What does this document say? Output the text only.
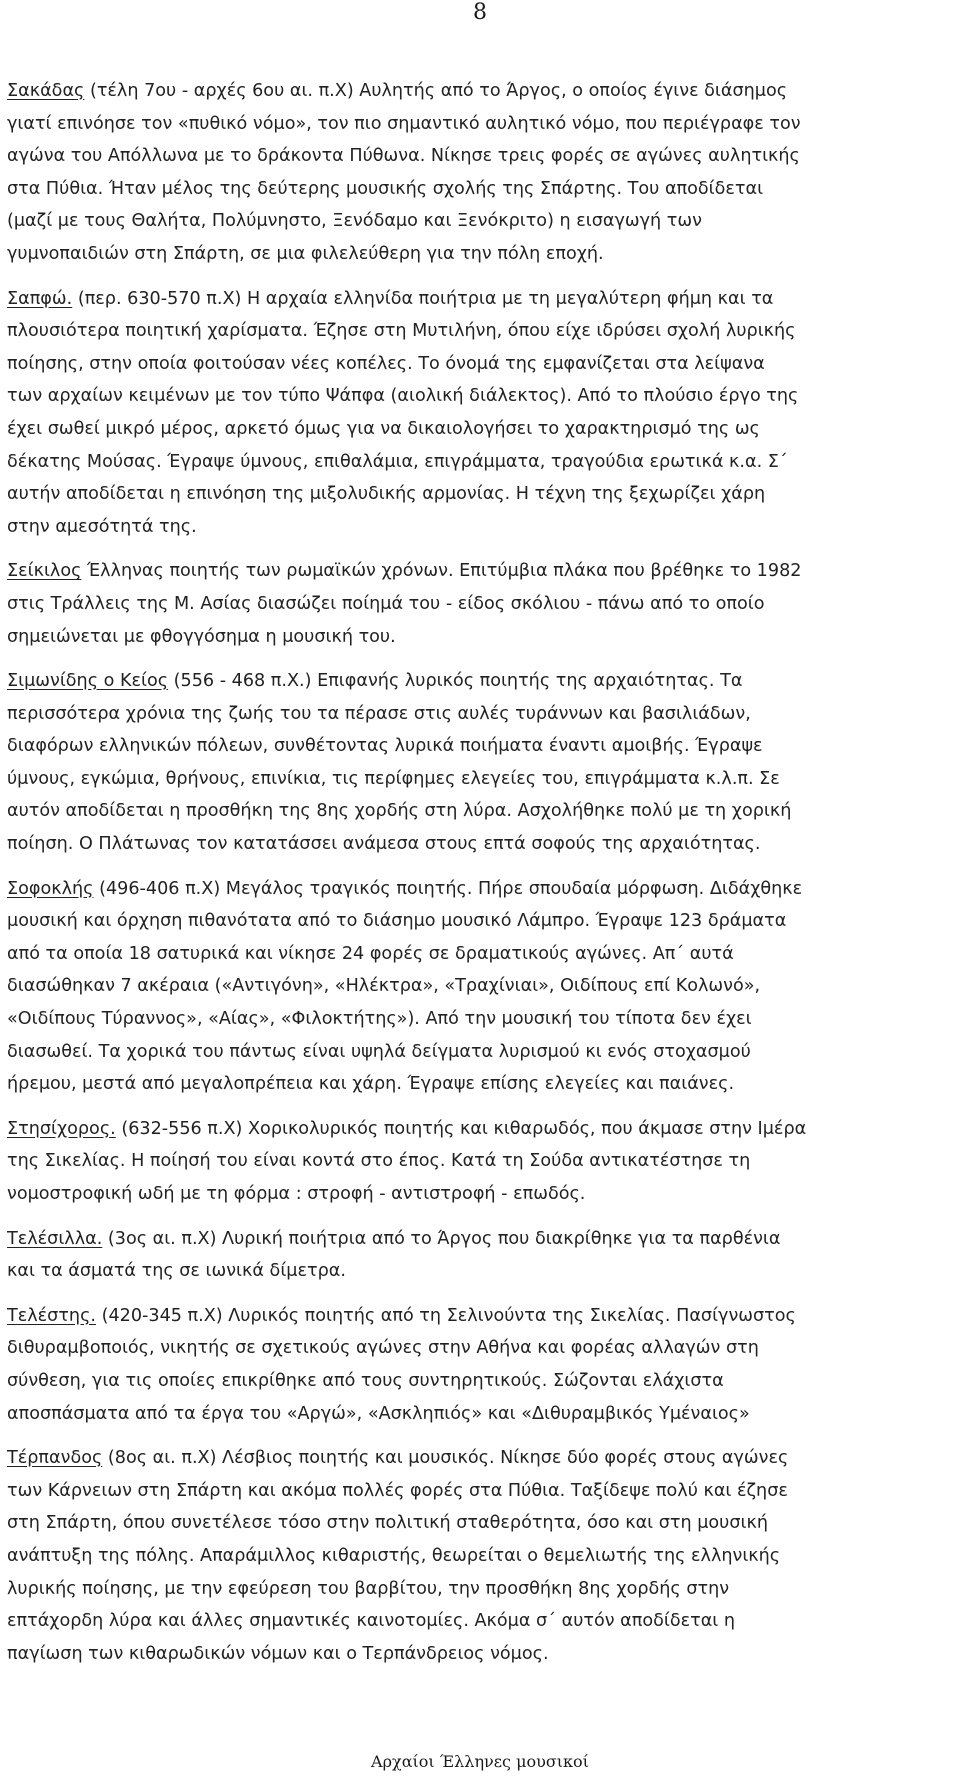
8

Σακάδας (τέλη 7ου - αρχές 6ου αι. π.Χ) Αυλητής από το Άργος, ο οποίος έγινε διάσημος
γιατί επινόησε τον «πυθικό νόμο», τον πιο σημαντικό αυλητικό νόμο, που περιέγραφε τον
αγώνα του Απόλλωνα με το δράκοντα Πύθωνα. Νίκησε τρεις φορές σε αγώνες αυλητικής
στα Πύθια. Ήταν μέλος της δεύτερης μουσικής σχολής της Σπάρτης. Του αποδίδεται
(μαζί με τους Θαλήτα, Πολύμνηστο, Ξενόδαμο και Ξενόκριτο) η εισαγωγή των
γυμνοπαιδιών στη Σπάρτη, σε μια φιλελεύθερη για την πόλη εποχή.

Σαπφώ. (περ. 630-570 π.Χ) Η αρχαία ελληνίδα ποιήτρια με τη μεγαλύτερη φήμη και τα
πλουσιότερα ποιητική χαρίσματα. Έζησε στη Μυτιλήνη, όπου είχε ιδρύσει σχολή λυρικής
ποίησης, στην οποία φοιτούσαν νέες κοπέλες. Το όνομά της εμφανίζεται στα λείψανα
των αρχαίων κειμένων με τον τύπο Ψάπφα (αιολική διάλεκτος). Από το πλούσιο έργο της
έχει σωθεί μικρό μέρος, αρκετό όμως για να δικαιολογήσει το χαρακτηρισμό της ως
δέκατης Μούσας. Έγραψε ύμνους, επιθαλάμια, επιγράμματα, τραγούδια ερωτικά κ.α. Σ΄
αυτήν αποδίδεται η επινόηση της μιξολυδικής αρμονίας. Η τέχνη της ξεχωρίζει χάρη
στην αμεσότητά της.

Σείκιλος Έλληνας ποιητής των ρωμαϊκών χρόνων. Επιτύμβια πλάκα που βρέθηκε το 1982
στις Τράλλεις της Μ. Ασίας διασώζει ποίημά του - είδος σκόλιου - πάνω από το οποίο
σημειώνεται με φθογγόσημα η μουσική του.

Σιμωνίδης ο Κείος (556 - 468 π.Χ.) Επιφανής λυρικός ποιητής της αρχαιότητας. Τα
περισσότερα χρόνια της ζωής του τα πέρασε στις αυλές τυράννων και βασιλιάδων,
διαφόρων ελληνικών πόλεων, συνθέτοντας λυρικά ποιήματα έναντι αμοιβής. Έγραψε
ύμνους, εγκώμια, θρήνους, επινίκια, τις περίφημες ελεγείες του, επιγράμματα κ.λ.π. Σε
αυτόν αποδίδεται η προσθήκη της 8ης χορδής στη λύρα. Ασχολήθηκε πολύ με τη χορική
ποίηση. Ο Πλάτωνας τον κατατάσσει ανάμεσα στους επτά σοφούς της αρχαιότητας.

Σοφοκλής (496-406 π.Χ) Μεγάλος τραγικός ποιητής. Πήρε σπουδαία μόρφωση. Διδάχθηκε
μουσική και όρχηση πιθανότατα από το διάσημο μουσικό Λάμπρο. Έγραψε 123 δράματα
από τα οποία 18 σατυρικά και νίκησε 24 φορές σε δραματικούς αγώνες. Απ΄ αυτά
διασώθηκαν 7 ακέραια («Αντιγόνη», «Ηλέκτρα», «Τραχίνιαι», Οιδίπους επί Κολωνό»,
«Οιδίπους Τύραννος», «Αίας», «Φιλοκτήτης»). Από την μουσική του τίποτα δεν έχει
διασωθεί. Τα χορικά του πάντως είναι υψηλά δείγματα λυρισμού κι ενός στοχασμού
ήρεμου, μεστά από μεγαλοπρέπεια και χάρη. Έγραψε επίσης ελεγείες και παιάνες.

Στησίχορος. (632-556 π.Χ) Χορικολυρικός ποιητής και κιθαρωδός, που άκμασε στην Ιμέρα
της Σικελίας. Η ποίησή του είναι κοντά στο έπος. Κατά τη Σούδα αντικατέστησε τη
νομοστροφική ωδή με τη φόρμα : στροφή - αντιστροφή - επωδός.

Τελέσιλλα. (3ος αι. π.Χ) Λυρική ποιήτρια από το Άργος που διακρίθηκε για τα παρθένια
και τα άσματά της σε ιωνικά δίμετρα.

Τελέστης. (420-345 π.Χ) Λυρικός ποιητής από τη Σελινούντα της Σικελίας. Πασίγνωστος
διθυραμβοποιός, νικητής σε σχετικούς αγώνες στην Αθήνα και φορέας αλλαγών στη
σύνθεση, για τις οποίες επικρίθηκε από τους συντηρητικούς. Σώζονται ελάχιστα
αποσπάσματα από τα έργα του «Αργώ», «Ασκληπιός» και «Διθυραμβικός Υμέναιος»

Τέρπανδος (8ος αι. π.Χ) Λέσβιος ποιητής και μουσικός. Νίκησε δύο φορές στους αγώνες
των Κάρνειων στη Σπάρτη και ακόμα πολλές φορές στα Πύθια. Ταξίδεψε πολύ και έζησε
στη Σπάρτη, όπου συνετέλεσε τόσο στην πολιτική σταθερότητα, όσο και στη μουσική
ανάπτυξη της πόλης. Απαράμιλλος κιθαριστής, θεωρείται ο θεμελιωτής της ελληνικής
λυρικής ποίησης, με την εφεύρεση του βαρβίτου, την προσθήκη 8ης χορδής στην
επτάχορδη λύρα και άλλες σημαντικές καινοτομίες. Ακόμα σ΄ αυτόν αποδίδεται η
παγίωση των κιθαρωδικών νόμων και ο Τερπάνδρειος νόμος.

Αρχαίοι Έλληνες μουσικοί
